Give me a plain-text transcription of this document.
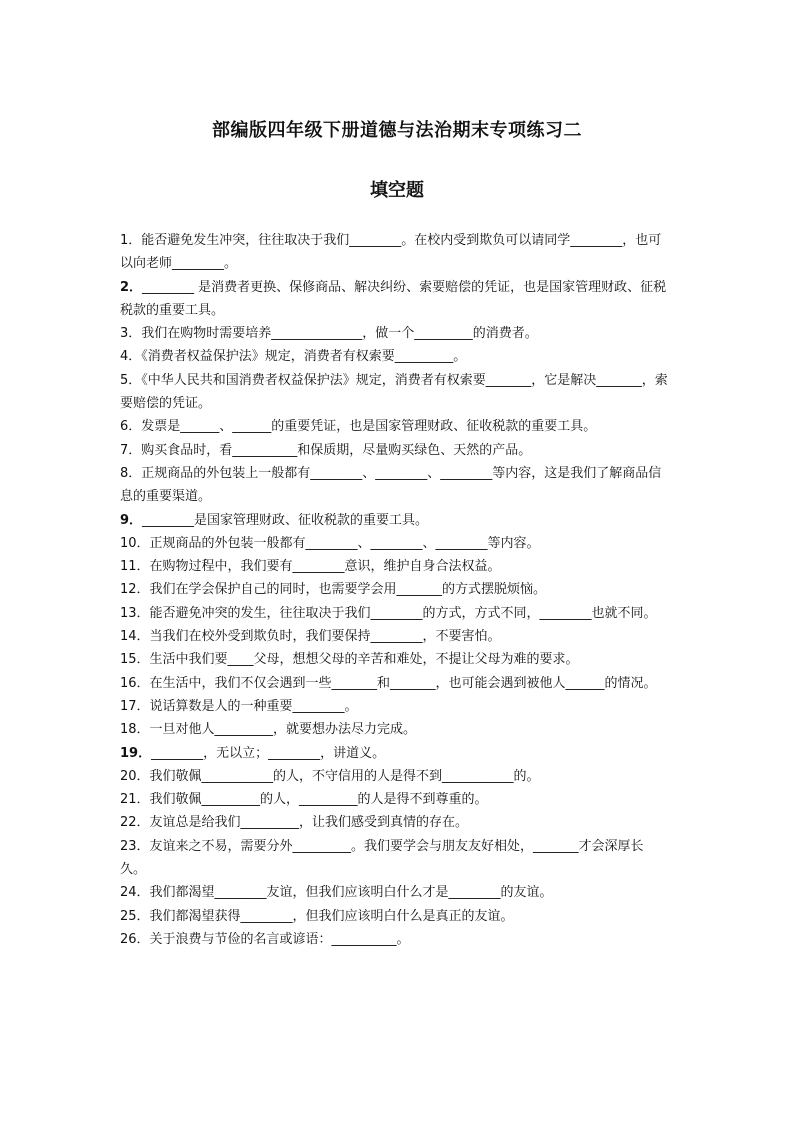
部编版四年级下册道德与法治期末专项练习二
填空题

1．能否避免发生冲突，往往取决于我们________。在校内受到欺负可以请同学________，也可以向老师________。

2．________ 是消费者更换、保修商品、解决纠纷、索要赔偿的凭证，也是国家管理财政、征税税款的重要工具。

3．我们在购物时需要培养______________，做一个_________的消费者。

4．《消费者权益保护法》规定，消费者有权索要_________。

5．《中华人民共和国消费者权益保护法》规定，消费者有权索要_______，它是解决_______，索要赔偿的凭证。

6．发票是______、______的重要凭证，也是国家管理财政、征收税款的重要工具。

7．购买食品时，看__________和保质期，尽量购买绿色、天然的产品。

8．正规商品的外包装上一般都有________、________、________等内容，这是我们了解商品信息的重要渠道。

9．________是国家管理财政、征收税款的重要工具。

10．正规商品的外包装一般都有________、________、________等内容。

11．在购物过程中，我们要有________意识，维护自身合法权益。

12．我们在学会保护自己的同时，也需要学会用_______的方式摆脱烦恼。

13．能否避免冲突的发生，往往取决于我们________的方式，方式不同，________也就不同。

14．当我们在校外受到欺负时，我们要保持________，不要害怕。

15．生活中我们要____父母，想想父母的辛苦和难处，不提让父母为难的要求。

16．在生活中，我们不仅会遇到一些_______和_______，也可能会遇到被他人______的情况。

17．说话算数是人的一种重要________。

18．一旦对他人_________，就要想办法尽力完成。

19．________，无以立；________，讲道义。

20．我们敬佩___________的人，不守信用的人是得不到___________的。

21．我们敬佩_________的人，_________的人是得不到尊重的。

22．友谊总是给我们_________，让我们感受到真情的存在。

23．友谊来之不易，需要分外_________。我们要学会与朋友友好相处，_______才会深厚长久。

24．我们都渴望________友谊，但我们应该明白什么才是________的友谊。

25．我们都渴望获得________，但我们应该明白什么是真正的友谊。

26．关于浪费与节俭的名言或谚语：__________。
